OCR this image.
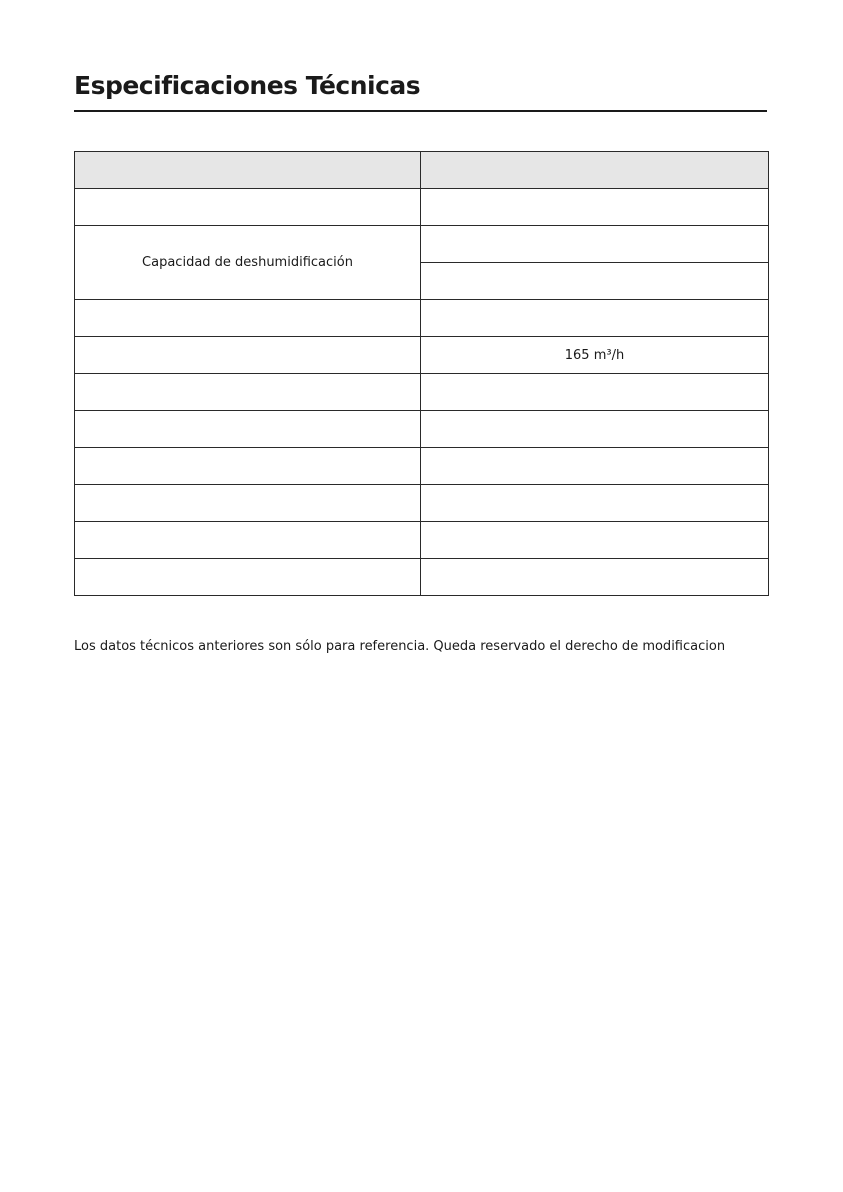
Especificaciones Técnicas

Capacidad de deshumidificación	

	165 m³/h

Los datos técnicos anteriores son sólo para referencia. Queda reservado el derecho de modificacion
